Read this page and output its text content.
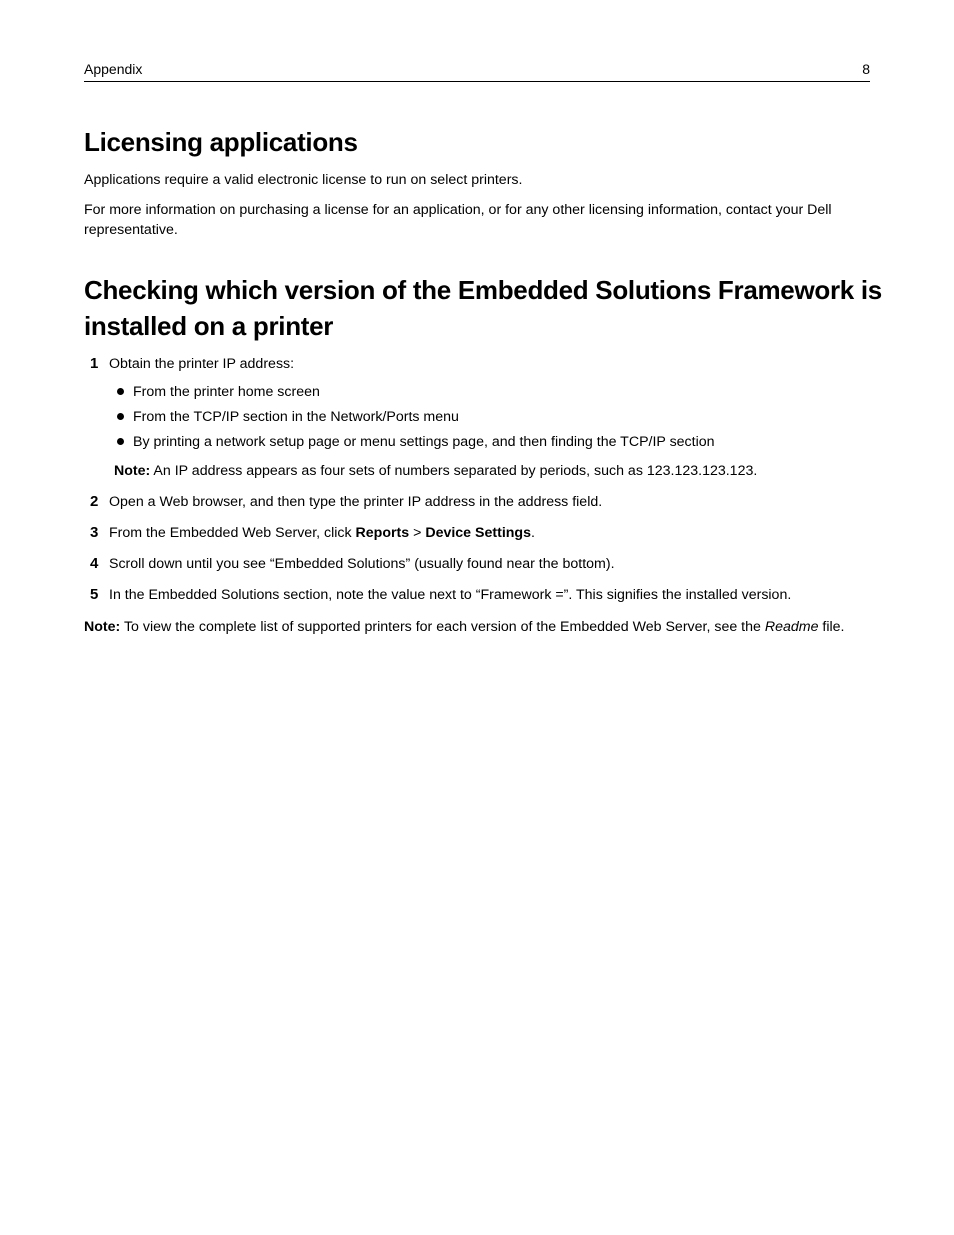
Appendix	8
Licensing applications

Applications require a valid electronic license to run on select printers.

For more information on purchasing a license for an application, or for any other licensing information, contact your Dell representative.

Checking which version of the Embedded Solutions Framework is installed on a printer
1 Obtain the printer IP address:
From the printer home screen
From the TCP/IP section in the Network/Ports menu
By printing a network setup page or menu settings page, and then finding the TCP/IP section

Note: An IP address appears as four sets of numbers separated by periods, such as 123.123.123.123.

2 Open a Web browser, and then type the printer IP address in the address field.
3 From the Embedded Web Server, click Reports > Device Settings.
4 Scroll down until you see “Embedded Solutions” (usually found near the bottom).
5 In the Embedded Solutions section, note the value next to “Framework =”. This signifies the installed version.

Note: To view the complete list of supported printers for each version of the Embedded Web Server, see the Readme file.
